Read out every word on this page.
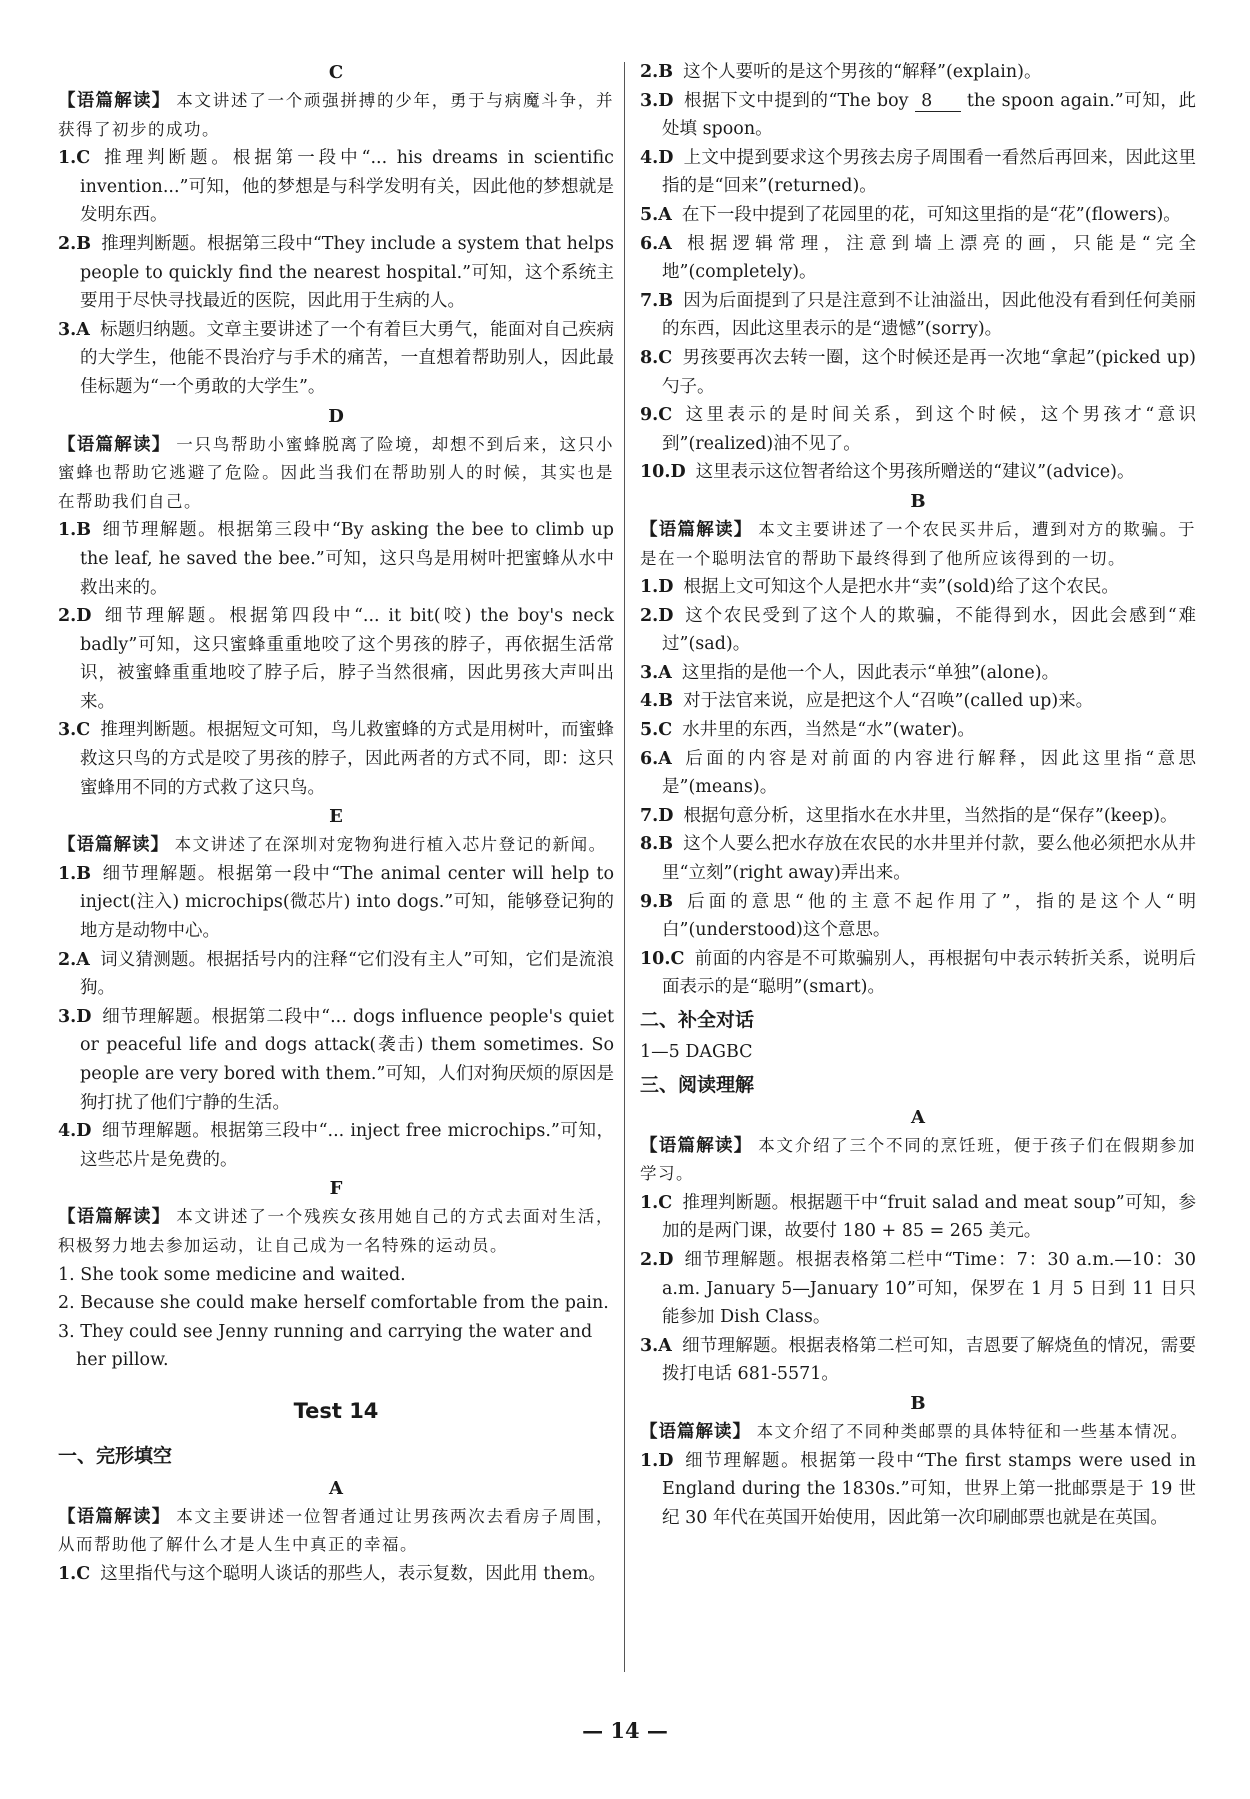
C

【语篇解读】 本文讲述了一个顽强拼搏的少年，勇于与病魔斗争，并获得了初步的成功。

1.C 推理判断题。根据第一段中“... his dreams in scientific invention...”可知，他的梦想是与科学发明有关，因此他的梦想就是发明东西。

2.B 推理判断题。根据第三段中“They include a system that helps people to quickly find the nearest hospital.”可知，这个系统主要用于尽快寻找最近的医院，因此用于生病的人。

3.A 标题归纳题。文章主要讲述了一个有着巨大勇气，能面对自己疾病的大学生，他能不畏治疗与手术的痛苦，一直想着帮助别人，因此最佳标题为“一个勇敢的大学生”。

D

【语篇解读】 一只鸟帮助小蜜蜂脱离了险境，却想不到后来，这只小蜜蜂也帮助它逃避了危险。因此当我们在帮助别人的时候，其实也是在帮助我们自己。

1.B 细节理解题。根据第三段中“By asking the bee to climb up the leaf, he saved the bee.”可知，这只鸟是用树叶把蜜蜂从水中救出来的。

2.D 细节理解题。根据第四段中“... it bit(咬) the boy's neck badly”可知，这只蜜蜂重重地咬了这个男孩的脖子，再依据生活常识，被蜜蜂重重地咬了脖子后，脖子当然很痛，因此男孩大声叫出来。

3.C 推理判断题。根据短文可知，鸟儿救蜜蜂的方式是用树叶，而蜜蜂救这只鸟的方式是咬了男孩的脖子，因此两者的方式不同，即：这只蜜蜂用不同的方式救了这只鸟。

E

【语篇解读】 本文讲述了在深圳对宠物狗进行植入芯片登记的新闻。

1.B 细节理解题。根据第一段中“The animal center will help to inject(注入) microchips(微芯片) into dogs.”可知，能够登记狗的地方是动物中心。

2.A 词义猜测题。根据括号内的注释“它们没有主人”可知，它们是流浪狗。

3.D 细节理解题。根据第二段中“... dogs influence people's quiet or peaceful life and dogs attack(袭击) them sometimes. So people are very bored with them.”可知，人们对狗厌烦的原因是狗打扰了他们宁静的生活。

4.D 细节理解题。根据第三段中“... inject free microchips.”可知，这些芯片是免费的。

F

【语篇解读】 本文讲述了一个残疾女孩用她自己的方式去面对生活，积极努力地去参加运动，让自己成为一名特殊的运动员。

1. She took some medicine and waited.

2. Because she could make herself comfortable from the pain.

3. They could see Jenny running and carrying the water and her pillow.

Test 14

一、完形填空

A

【语篇解读】 本文主要讲述一位智者通过让男孩两次去看房子周围，从而帮助他了解什么才是人生中真正的幸福。

1.C 这里指代与这个聪明人谈话的那些人，表示复数，因此用 them。

2.B 这个人要听的是这个男孩的“解释”(explain)。

3.D 根据下文中提到的“The boy 8 the spoon again.”可知，此处填 spoon。

4.D 上文中提到要求这个男孩去房子周围看一看然后再回来，因此这里指的是“回来”(returned)。

5.A 在下一段中提到了花园里的花，可知这里指的是“花”(flowers)。

6.A 根据逻辑常理，注意到墙上漂亮的画，只能是“完全地”(completely)。

7.B 因为后面提到了只是注意到不让油溢出，因此他没有看到任何美丽的东西，因此这里表示的是“遗憾”(sorry)。

8.C 男孩要再次去转一圈，这个时候还是再一次地“拿起”(picked up)勺子。

9.C 这里表示的是时间关系，到这个时候，这个男孩才“意识到”(realized)油不见了。

10.D 这里表示这位智者给这个男孩所赠送的“建议”(advice)。

B

【语篇解读】 本文主要讲述了一个农民买井后，遭到对方的欺骗。于是在一个聪明法官的帮助下最终得到了他所应该得到的一切。

1.D 根据上文可知这个人是把水井“卖”(sold)给了这个农民。

2.D 这个农民受到了这个人的欺骗，不能得到水，因此会感到“难过”(sad)。

3.A 这里指的是他一个人，因此表示“单独”(alone)。

4.B 对于法官来说，应是把这个人“召唤”(called up)来。

5.C 水井里的东西，当然是“水”(water)。

6.A 后面的内容是对前面的内容进行解释，因此这里指“意思是”(means)。

7.D 根据句意分析，这里指水在水井里，当然指的是“保存”(keep)。

8.B 这个人要么把水存放在农民的水井里并付款，要么他必须把水从井里“立刻”(right away)弄出来。

9.B 后面的意思“他的主意不起作用了”，指的是这个人“明白”(understood)这个意思。

10.C 前面的内容是不可欺骗别人，再根据句中表示转折关系，说明后面表示的是“聪明”(smart)。

二、补全对话

1—5 DAGBC

三、阅读理解

A

【语篇解读】 本文介绍了三个不同的烹饪班，便于孩子们在假期参加学习。

1.C 推理判断题。根据题干中“fruit salad and meat soup”可知，参加的是两门课，故要付 180 + 85 = 265 美元。

2.D 细节理解题。根据表格第二栏中“Time：7：30 a.m.—10：30 a.m. January 5—January 10”可知，保罗在 1 月 5 日到 11 日只能参加 Dish Class。

3.A 细节理解题。根据表格第二栏可知，吉恩要了解烧鱼的情况，需要拨打电话 681-5571。

B

【语篇解读】 本文介绍了不同种类邮票的具体特征和一些基本情况。

1.D 细节理解题。根据第一段中“The first stamps were used in England during the 1830s.”可知，世界上第一批邮票是于 19 世纪 30 年代在英国开始使用，因此第一次印刷邮票也就是在英国。

— 14 —
